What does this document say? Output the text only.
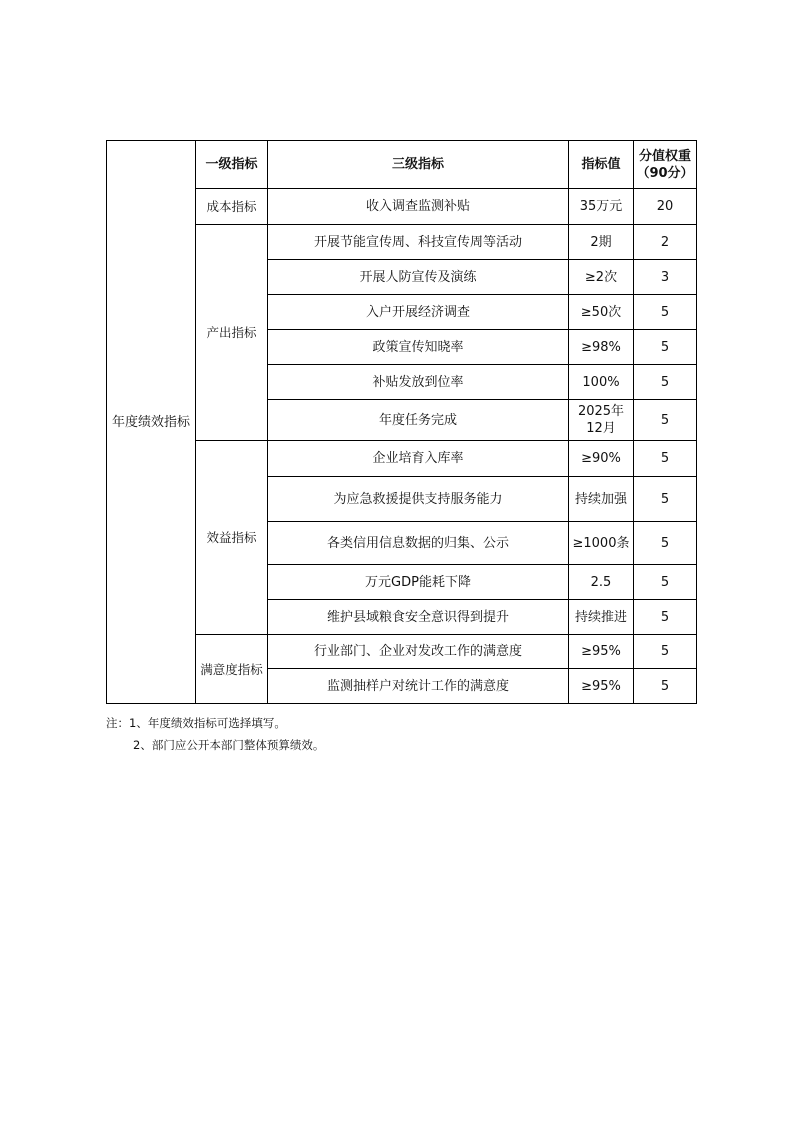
年度绩效指标	一级指标	三级指标	指标值	分值权重
（90分）

	成本指标	收入调查监测补贴	35万元	20
	产出指标	开展节能宣传周、科技宣传周等活动	2期	2
		开展人防宣传及演练	≥2次	3
		入户开展经济调查	≥50次	5
		政策宣传知晓率	≥98%	5
		补贴发放到位率	100%	5
		年度任务完成	2025年12月	5
	效益指标	企业培育入库率	≥90%	5
		为应急救援提供支持服务能力	持续加强	5
		各类信用信息数据的归集、公示	≥1000条	5
		万元GDP能耗下降	2.5	5
		维护县域粮食安全意识得到提升	持续推进	5
	满意度指标	行业部门、企业对发改工作的满意度	≥95%	5
		监测抽样户对统计工作的满意度	≥95%	5
注：1、年度绩效指标可选择填写。
2、部门应公开本部门整体预算绩效。
